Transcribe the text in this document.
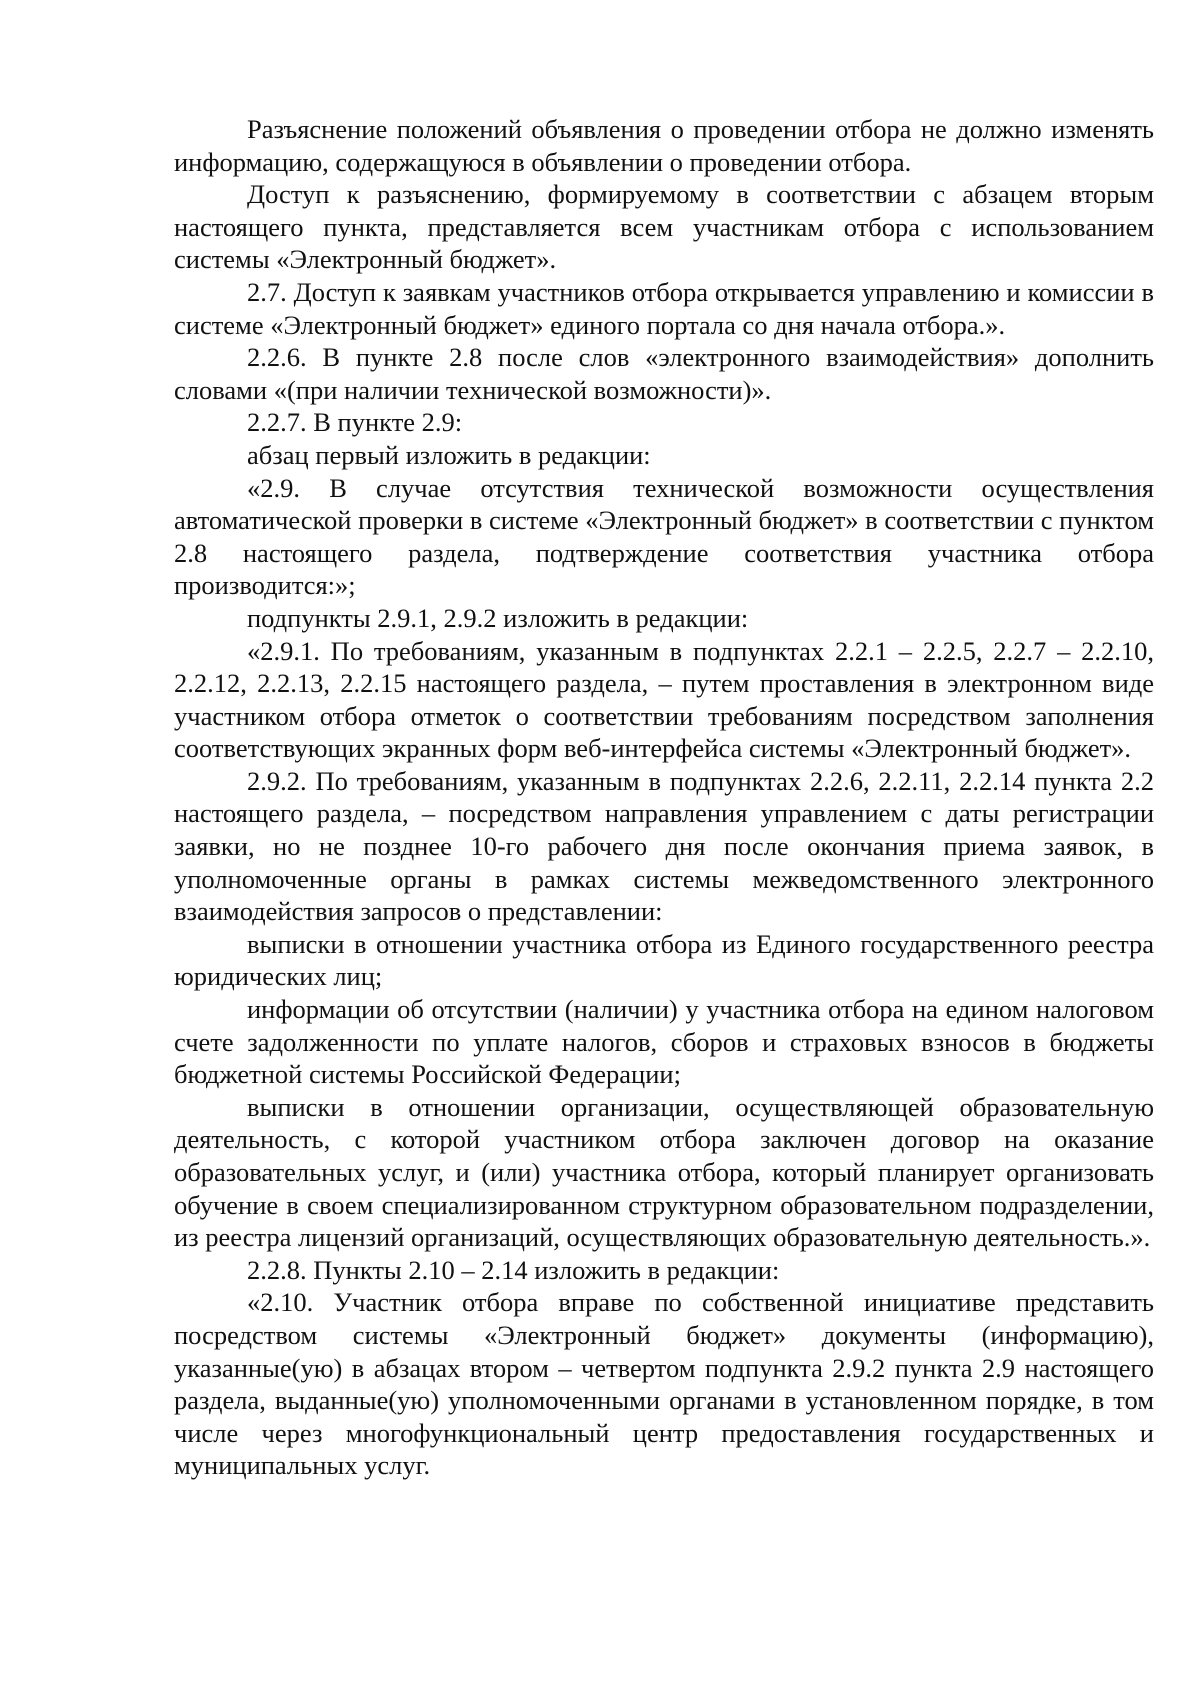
Разъяснение положений объявления о проведении отбора не должно изменять информацию, содержащуюся в объявлении о проведении отбора.

Доступ к разъяснению, формируемому в соответствии с абзацем вторым настоящего пункта, представляется всем участникам отбора с использованием системы «Электронный бюджет».

2.7. Доступ к заявкам участников отбора открывается управлению и комиссии в системе «Электронный бюджет» единого портала со дня начала отбора.».

2.2.6. В пункте 2.8 после слов «электронного взаимодействия» дополнить словами «(при наличии технической возможности)».

2.2.7. В пункте 2.9:

абзац первый изложить в редакции:

«2.9. В случае отсутствия технической возможности осуществления автоматической проверки в системе «Электронный бюджет» в соответствии с пунктом 2.8 настоящего раздела, подтверждение соответствия участника отбора производится:»;

подпункты 2.9.1, 2.9.2 изложить в редакции:

«2.9.1. По требованиям, указанным в подпунктах 2.2.1 – 2.2.5, 2.2.7 – 2.2.10, 2.2.12, 2.2.13, 2.2.15 настоящего раздела, – путем проставления в электронном виде участником отбора отметок о соответствии требованиям посредством заполнения соответствующих экранных форм веб-интерфейса системы «Электронный бюджет».

2.9.2. По требованиям, указанным в подпунктах 2.2.6, 2.2.11, 2.2.14 пункта 2.2 настоящего раздела, – посредством направления управлением с даты регистрации заявки, но не позднее 10-го рабочего дня после окончания приема заявок, в уполномоченные органы в рамках системы межведомственного электронного взаимодействия запросов о представлении:

выписки в отношении участника отбора из Единого государственного реестра юридических лиц;

информации об отсутствии (наличии) у участника отбора на едином налоговом счете задолженности по уплате налогов, сборов и страховых взносов в бюджеты бюджетной системы Российской Федерации;

выписки в отношении организации, осуществляющей образовательную деятельность, с которой участником отбора заключен договор на оказание образовательных услуг, и (или) участника отбора, который планирует организовать обучение в своем специализированном структурном образовательном подразделении, из реестра лицензий организаций, осуществляющих образовательную деятельность.».

2.2.8. Пункты 2.10 – 2.14 изложить в редакции:

«2.10. Участник отбора вправе по собственной инициативе представить посредством системы «Электронный бюджет» документы (информацию), указанные(ую) в абзацах втором – четвертом подпункта 2.9.2 пункта 2.9 настоящего раздела, выданные(ую) уполномоченными органами в установленном порядке, в том числе через многофункциональный центр предоставления государственных и муниципальных услуг.
